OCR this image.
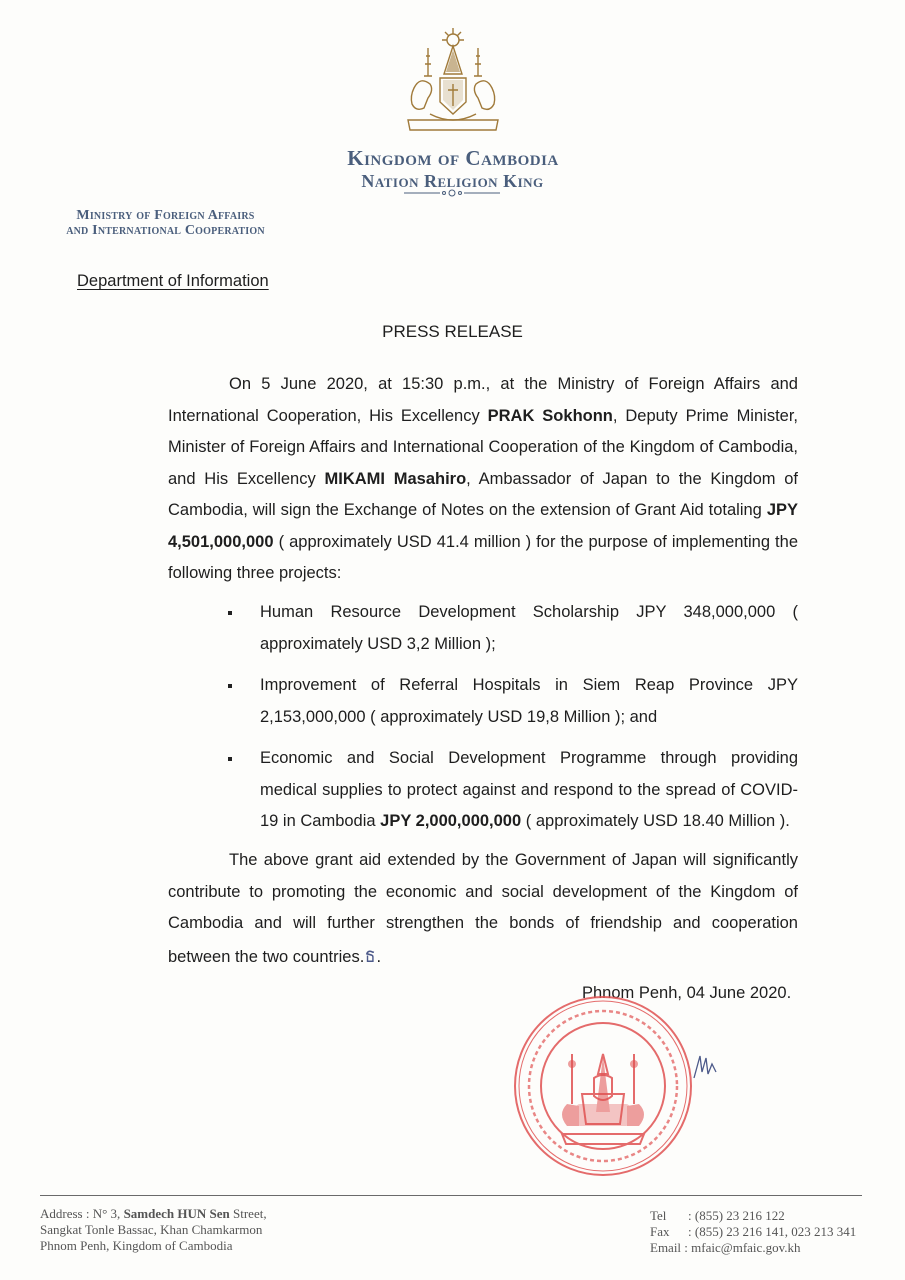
Kingdom of Cambodia
Nation Religion King
Ministry of Foreign Affairs
and International Cooperation
Department of Information
PRESS RELEASE
On 5 June 2020, at 15:30 p.m., at the Ministry of Foreign Affairs and International Cooperation, His Excellency PRAK Sokhonn, Deputy Prime Minister, Minister of Foreign Affairs and International Cooperation of the Kingdom of Cambodia, and His Excellency MIKAMI Masahiro, Ambassador of Japan to the Kingdom of Cambodia, will sign the Exchange of Notes on the extension of Grant Aid totaling JPY 4,501,000,000 ( approximately USD 41.4 million ) for the purpose of implementing the following three projects:
Human Resource Development Scholarship JPY 348,000,000 ( approximately USD 3,2 Million );
Improvement of Referral Hospitals in Siem Reap Province JPY 2,153,000,000 ( approximately USD 19,8 Million ); and
Economic and Social Development Programme through providing medical supplies to protect against and respond to the spread of COVID-19 in Cambodia JPY 2,000,000,000 ( approximately USD 18.40 Million ).
The above grant aid extended by the Government of Japan will significantly contribute to promoting the economic and social development of the Kingdom of Cambodia and will further strengthen the bonds of friendship and cooperation between the two countries.ธ.
Phnom Penh, 04 June 2020.
Address : N° 3, Samdech HUN Sen Street,
Sangkat Tonle Bassac, Khan Chamkarmon
Phnom Penh, Kingdom of Cambodia
Tel : (855) 23 216 122
Fax : (855) 23 216 141, 023 213 341
Email : mfaic@mfaic.gov.kh
